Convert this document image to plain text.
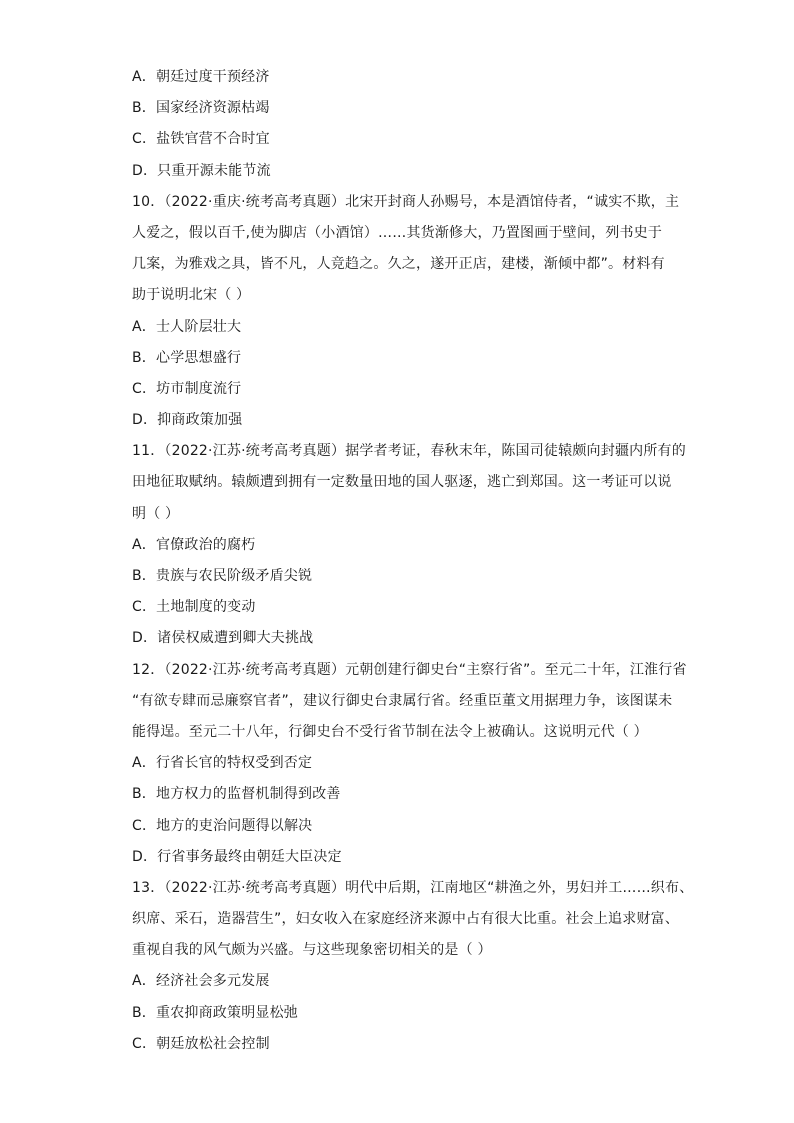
A．朝廷过度干预经济
B．国家经济资源枯竭
C．盐铁官营不合时宜
D．只重开源未能节流
10．（2022·重庆·统考高考真题）北宋开封商人孙赐号，本是酒馆侍者，“诚实不欺，主
人爱之，假以百千,使为脚店（小酒馆）……其货渐修大，乃置图画于壁间，列书史于
几案，为雅戏之具，皆不凡，人竞趋之。久之，遂开正店，建楼，渐倾中都”。材料有
助于说明北宋（ ）
A．士人阶层壮大
B．心学思想盛行
C．坊市制度流行
D．抑商政策加强
11．（2022·江苏·统考高考真题）据学者考证，春秋末年，陈国司徒辕颇向封疆内所有的
田地征取赋纳。辕颇遭到拥有一定数量田地的国人驱逐，逃亡到郑国。这一考证可以说
明（ ）
A．官僚政治的腐朽
B．贵族与农民阶级矛盾尖锐
C．土地制度的变动
D．诸侯权威遭到卿大夫挑战
12．（2022·江苏·统考高考真题）元朝创建行御史台“主察行省”。至元二十年，江淮行省
“有欲专肆而忌廉察官者”，建议行御史台隶属行省。经重臣董文用据理力争，该图谋未
能得逞。至元二十八年，行御史台不受行省节制在法令上被确认。这说明元代（ ）
A．行省长官的特权受到否定
B．地方权力的监督机制得到改善
C．地方的吏治问题得以解决
D．行省事务最终由朝廷大臣决定
13．（2022·江苏·统考高考真题）明代中后期，江南地区“耕渔之外，男妇并工……织布、
织席、采石，造器营生”，妇女收入在家庭经济来源中占有很大比重。社会上追求财富、
重视自我的风气颇为兴盛。与这些现象密切相关的是（ ）
A．经济社会多元发展
B．重农抑商政策明显松弛
C．朝廷放松社会控制
